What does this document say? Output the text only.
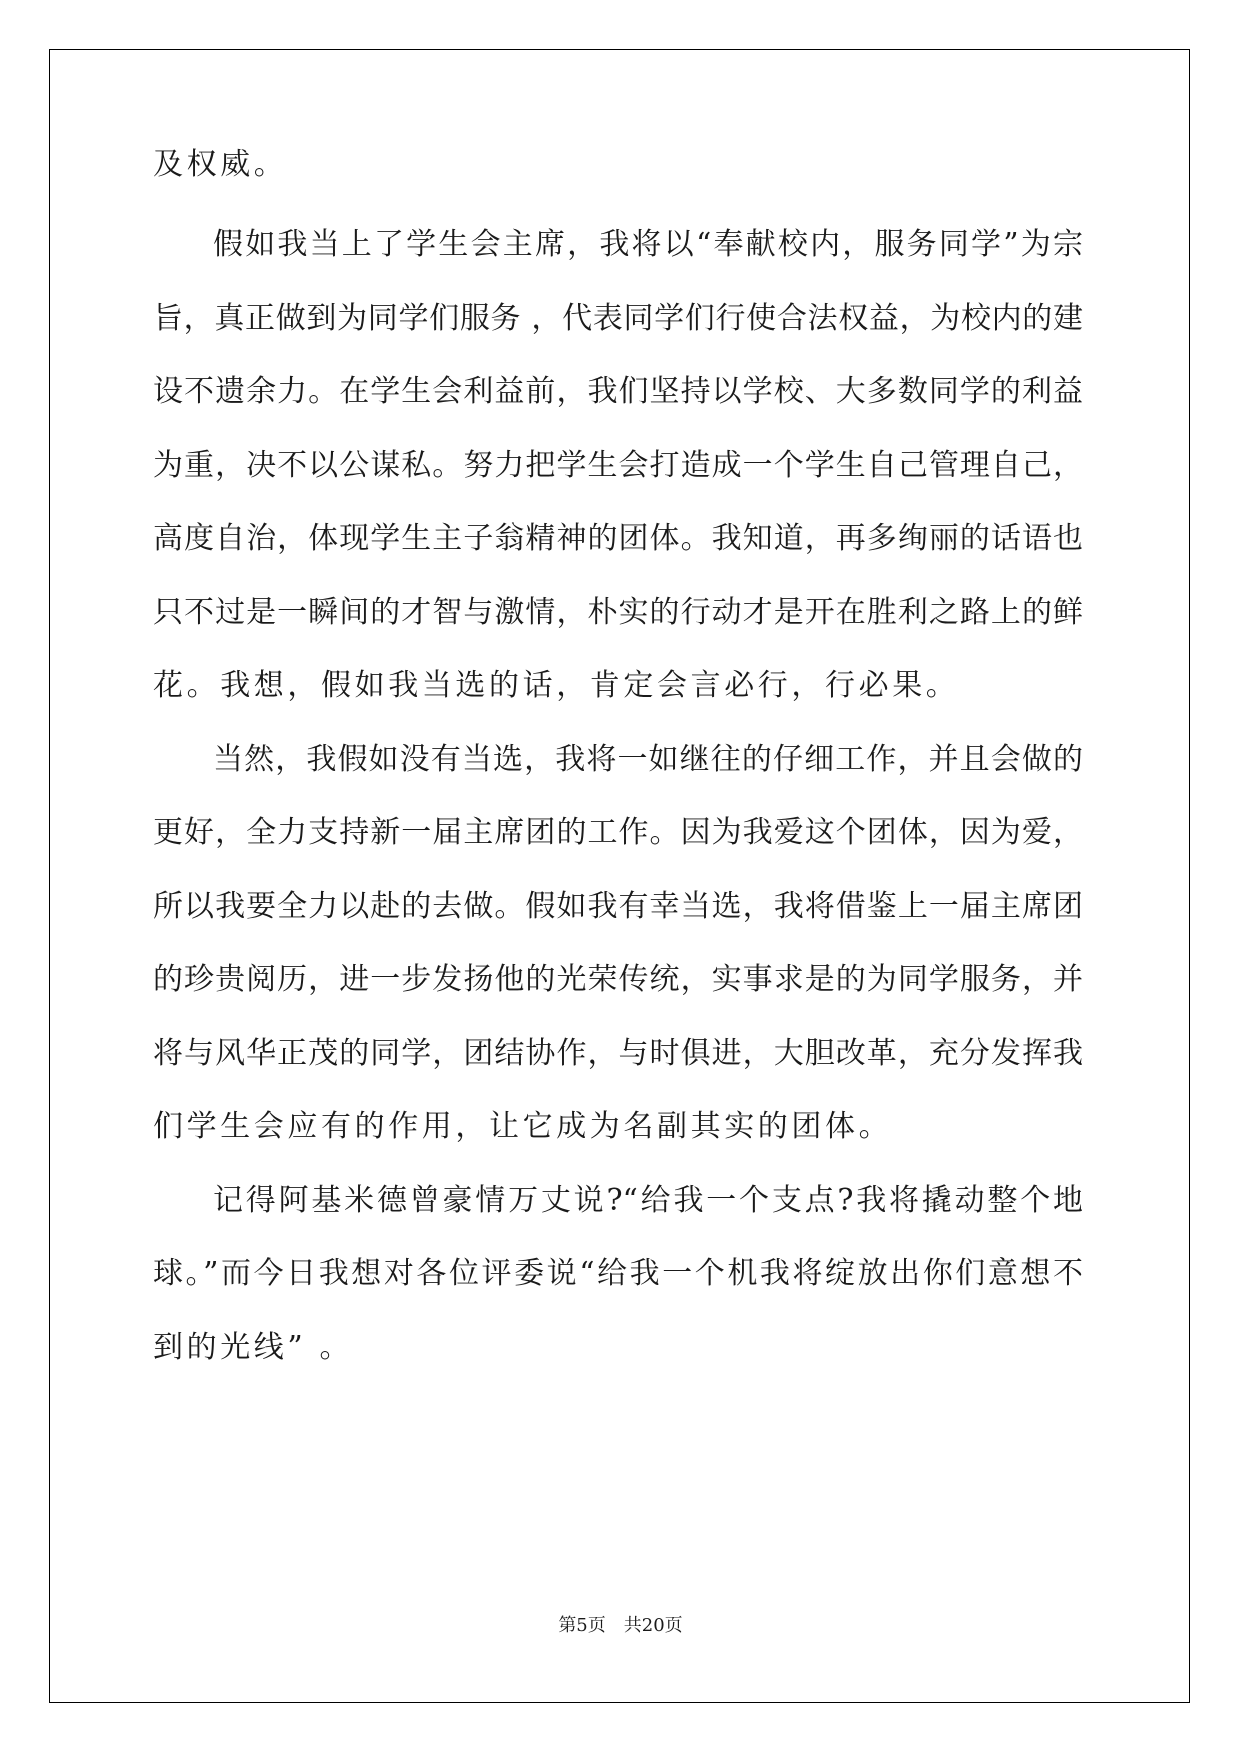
及权威。

假如我当上了学生会主席，我将以“奉献校内，服务同学”为宗

旨，真正做到为同学们服务 ，代表同学们行使合法权益，为校内的建

设不遗余力。在学生会利益前，我们坚持以学校、大多数同学的利益

为重，决不以公谋私。努力把学生会打造成一个学生自己管理自己，

高度自治，体现学生主子翁精神的团体。我知道，再多绚丽的话语也

只不过是一瞬间的才智与激情，朴实的行动才是开在胜利之路上的鲜

花。我想，假如我当选的话，肯定会言必行，行必果。

当然，我假如没有当选，我将一如继往的仔细工作，并且会做的

更好，全力支持新一届主席团的工作。因为我爱这个团体，因为爱，

所以我要全力以赴的去做。假如我有幸当选，我将借鉴上一届主席团

的珍贵阅历，进一步发扬他的光荣传统，实事求是的为同学服务，并

将与风华正茂的同学，团结协作，与时俱进，大胆改革，充分发挥我

们学生会应有的作用，让它成为名副其实的团体。

记得阿基米德曾豪情万丈说?“给我一个支点?我将撬动整个地

球。”而今日我想对各位评委说“给我一个机我将绽放出你们意想不

到的光线” 。

第5页 共20页
